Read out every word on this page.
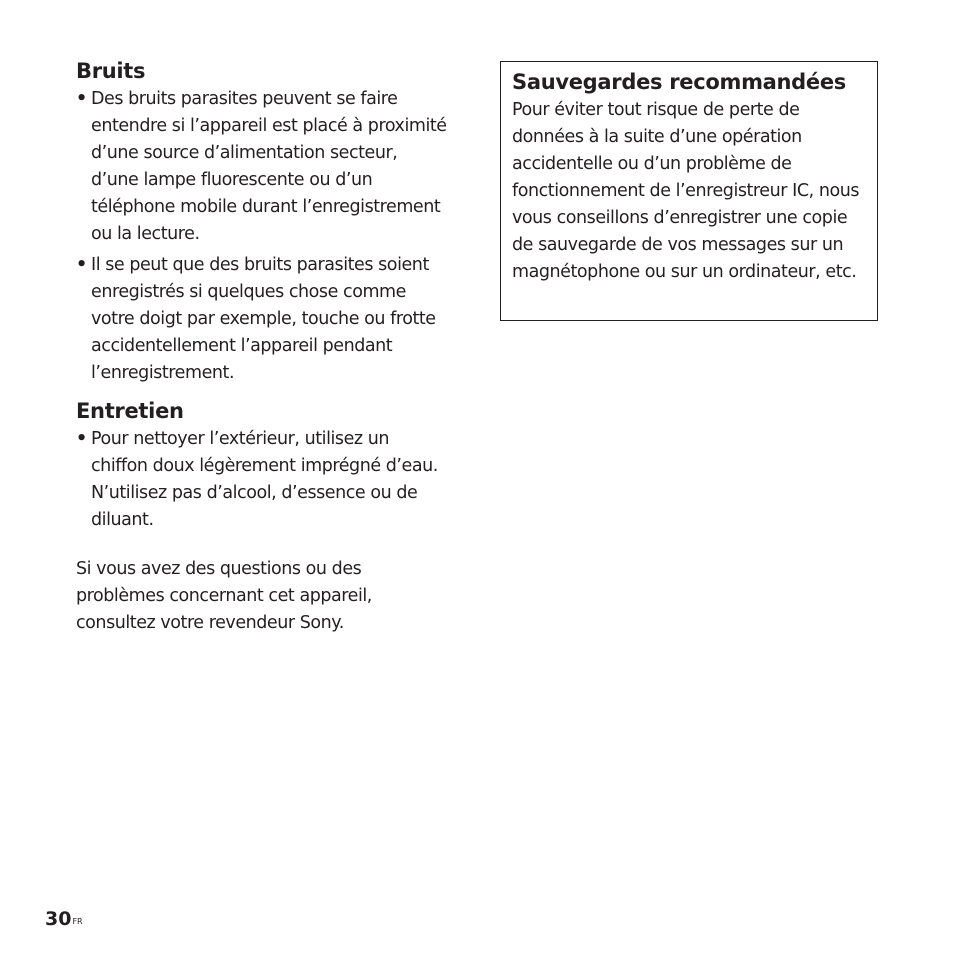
Bruits
• Des bruits parasites peuvent se faire entendre si l’appareil est placé à proximité d’une source d’alimentation secteur, d’une lampe fluorescente ou d’un téléphone mobile durant l’enregistrement ou la lecture.
• Il se peut que des bruits parasites soient enregistrés si quelques chose comme votre doigt par exemple, touche ou frotte accidentellement l’appareil pendant l’enregistrement.
Entretien
• Pour nettoyer l’extérieur, utilisez un chiffon doux légèrement imprégné d’eau. N’utilisez pas d’alcool, d’essence ou de diluant.

Si vous avez des questions ou des problèmes concernant cet appareil, consultez votre revendeur Sony.

Sauvegardes recommandées

Pour éviter tout risque de perte de données à la suite d’une opération accidentelle ou d’un problème de fonctionnement de l’enregistreur IC, nous vous conseillons d’enregistrer une copie de sauvegarde de vos messages sur un magnétophone ou sur un ordinateur, etc.

$30^{FR}$
